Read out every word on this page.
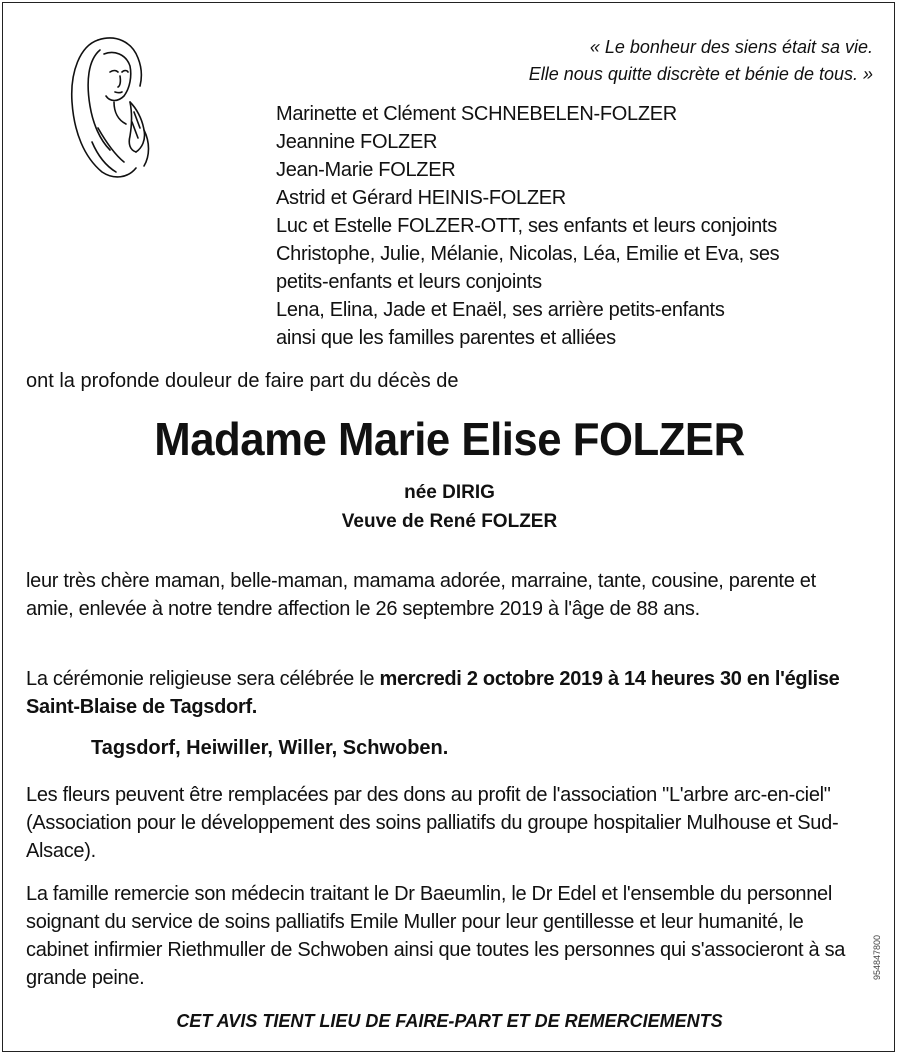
« Le bonheur des siens était sa vie.
Elle nous quitte discrète et bénie de tous. »
Marinette et Clément SCHNEBELEN-FOLZER
Jeannine FOLZER
Jean-Marie FOLZER
Astrid et Gérard HEINIS-FOLZER
Luc et Estelle FOLZER-OTT, ses enfants et leurs conjoints
Christophe, Julie, Mélanie, Nicolas, Léa, Emilie et Eva, ses
petits-enfants et leurs conjoints
Lena, Elina, Jade et Enaël, ses arrière petits-enfants
ainsi que les familles parentes et alliées
ont la profonde douleur de faire part du décès de
Madame Marie Elise FOLZER
née DIRIG
Veuve de René FOLZER
leur très chère maman, belle-maman, mamama adorée, marraine, tante, cousine, parente et amie, enlevée à notre tendre affection le 26 septembre 2019 à l'âge de 88 ans.
La cérémonie religieuse sera célébrée le mercredi 2 octobre 2019 à 14 heures 30 en l'église Saint-Blaise de Tagsdorf.
Tagsdorf, Heiwiller, Willer, Schwoben.
Les fleurs peuvent être remplacées par des dons au profit de l'association "L'arbre arc-en-ciel" (Association pour le développement des soins palliatifs du groupe hospitalier Mulhouse et Sud-Alsace).
La famille remercie son médecin traitant le Dr Baeumlin, le Dr Edel et l'ensemble du personnel soignant du service de soins palliatifs Emile Muller pour leur gentillesse et leur humanité, le cabinet infirmier Riethmuller de Schwoben ainsi que toutes les personnes qui s'associeront à sa grande peine.
CET AVIS TIENT LIEU DE FAIRE-PART ET DE REMERCIEMENTS
954847800
